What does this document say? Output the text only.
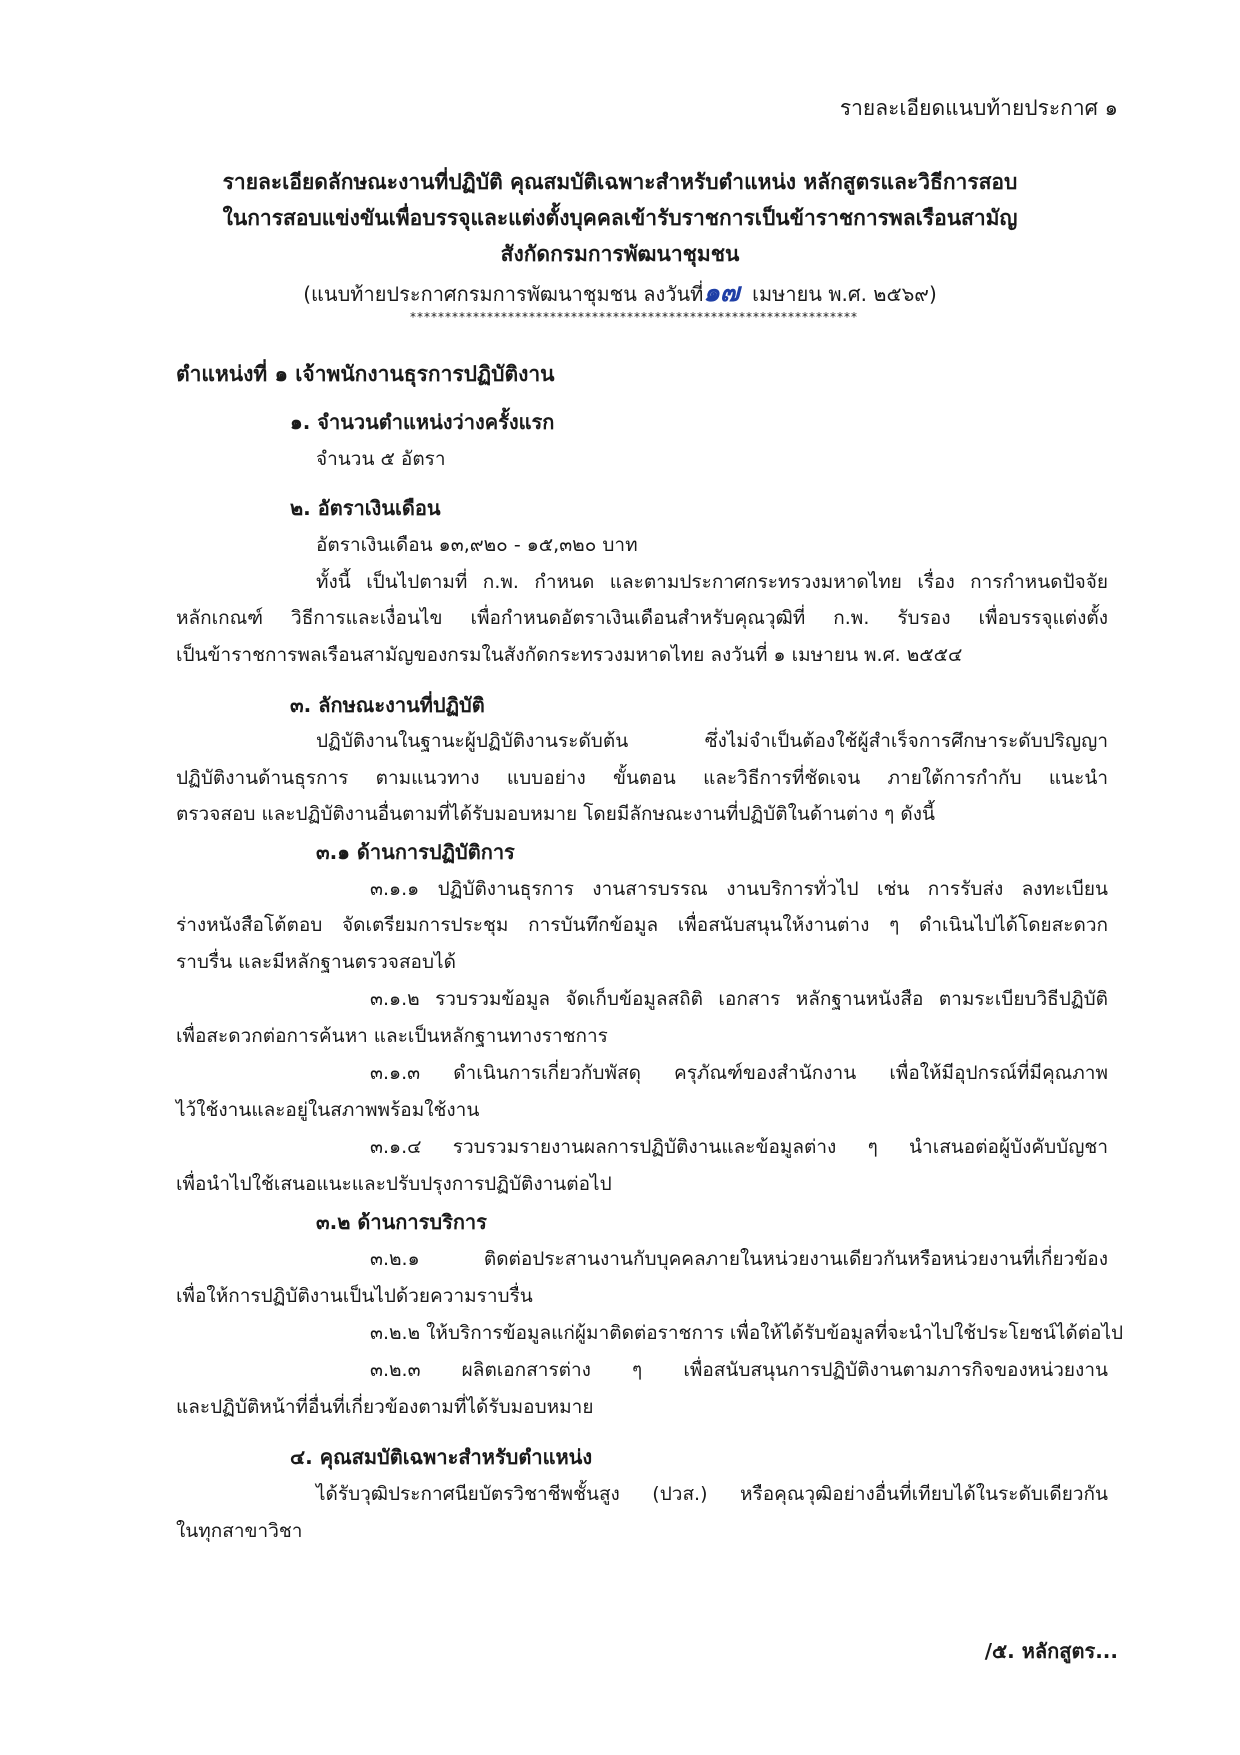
รายละเอียดแนบท้ายประกาศ ๑
รายละเอียดลักษณะงานที่ปฏิบัติ คุณสมบัติเฉพาะสำหรับตำแหน่ง หลักสูตรและวิธีการสอบ
ในการสอบแข่งขันเพื่อบรรจุและแต่งตั้งบุคคลเข้ารับราชการเป็นข้าราชการพลเรือนสามัญ
สังกัดกรมการพัฒนาชุมชน
(แนบท้ายประกาศกรมการพัฒนาชุมชน ลงวันที่๑๗ เมษายน พ.ศ. ๒๕๖๙)
****************************************************************
ตำแหน่งที่ ๑ เจ้าพนักงานธุรการปฏิบัติงาน
๑. จำนวนตำแหน่งว่างครั้งแรก
จำนวน ๕ อัตรา
๒. อัตราเงินเดือน
อัตราเงินเดือน ๑๓,๙๒๐ - ๑๕,๓๒๐ บาท
ทั้งนี้ เป็นไปตามที่ ก.พ. กำหนด และตามประกาศกระทรวงมหาดไทย เรื่อง การกำหนดปัจจัย
หลักเกณฑ์ วิธีการและเงื่อนไข เพื่อกำหนดอัตราเงินเดือนสำหรับคุณวุฒิที่ ก.พ. รับรอง เพื่อบรรจุแต่งตั้ง
เป็นข้าราชการพลเรือนสามัญของกรมในสังกัดกระทรวงมหาดไทย ลงวันที่ ๑ เมษายน พ.ศ. ๒๕๕๔
๓. ลักษณะงานที่ปฏิบัติ
ปฏิบัติงานในฐานะผู้ปฏิบัติงานระดับต้น ซึ่งไม่จำเป็นต้องใช้ผู้สำเร็จการศึกษาระดับปริญญา
ปฏิบัติงานด้านธุรการ ตามแนวทาง แบบอย่าง ขั้นตอน และวิธีการที่ชัดเจน ภายใต้การกำกับ แนะนำ
ตรวจสอบ และปฏิบัติงานอื่นตามที่ได้รับมอบหมาย โดยมีลักษณะงานที่ปฏิบัติในด้านต่าง ๆ ดังนี้
๓.๑ ด้านการปฏิบัติการ
๓.๑.๑ ปฏิบัติงานธุรการ งานสารบรรณ งานบริการทั่วไป เช่น การรับส่ง ลงทะเบียน
ร่างหนังสือโต้ตอบ จัดเตรียมการประชุม การบันทึกข้อมูล เพื่อสนับสนุนให้งานต่าง ๆ ดำเนินไปได้โดยสะดวก
ราบรื่น และมีหลักฐานตรวจสอบได้
๓.๑.๒ รวบรวมข้อมูล จัดเก็บข้อมูลสถิติ เอกสาร หลักฐานหนังสือ ตามระเบียบวิธีปฏิบัติ
เพื่อสะดวกต่อการค้นหา และเป็นหลักฐานทางราชการ
๓.๑.๓ ดำเนินการเกี่ยวกับพัสดุ ครุภัณฑ์ของสำนักงาน เพื่อให้มีอุปกรณ์ที่มีคุณภาพ
ไว้ใช้งานและอยู่ในสภาพพร้อมใช้งาน
๓.๑.๔ รวบรวมรายงานผลการปฏิบัติงานและข้อมูลต่าง ๆ นำเสนอต่อผู้บังคับบัญชา
เพื่อนำไปใช้เสนอแนะและปรับปรุงการปฏิบัติงานต่อไป
๓.๒ ด้านการบริการ
๓.๒.๑ ติดต่อประสานงานกับบุคคลภายในหน่วยงานเดียวกันหรือหน่วยงานที่เกี่ยวข้อง
เพื่อให้การปฏิบัติงานเป็นไปด้วยความราบรื่น
๓.๒.๒ ให้บริการข้อมูลแก่ผู้มาติดต่อราชการ เพื่อให้ได้รับข้อมูลที่จะนำไปใช้ประโยชน์ได้ต่อไป
๓.๒.๓ ผลิตเอกสารต่าง ๆ เพื่อสนับสนุนการปฏิบัติงานตามภารกิจของหน่วยงาน
และปฏิบัติหน้าที่อื่นที่เกี่ยวข้องตามที่ได้รับมอบหมาย
๔. คุณสมบัติเฉพาะสำหรับตำแหน่ง
ได้รับวุฒิประกาศนียบัตรวิชาชีพชั้นสูง (ปวส.) หรือคุณวุฒิอย่างอื่นที่เทียบได้ในระดับเดียวกัน
ในทุกสาขาวิชา
/๕. หลักสูตร...
